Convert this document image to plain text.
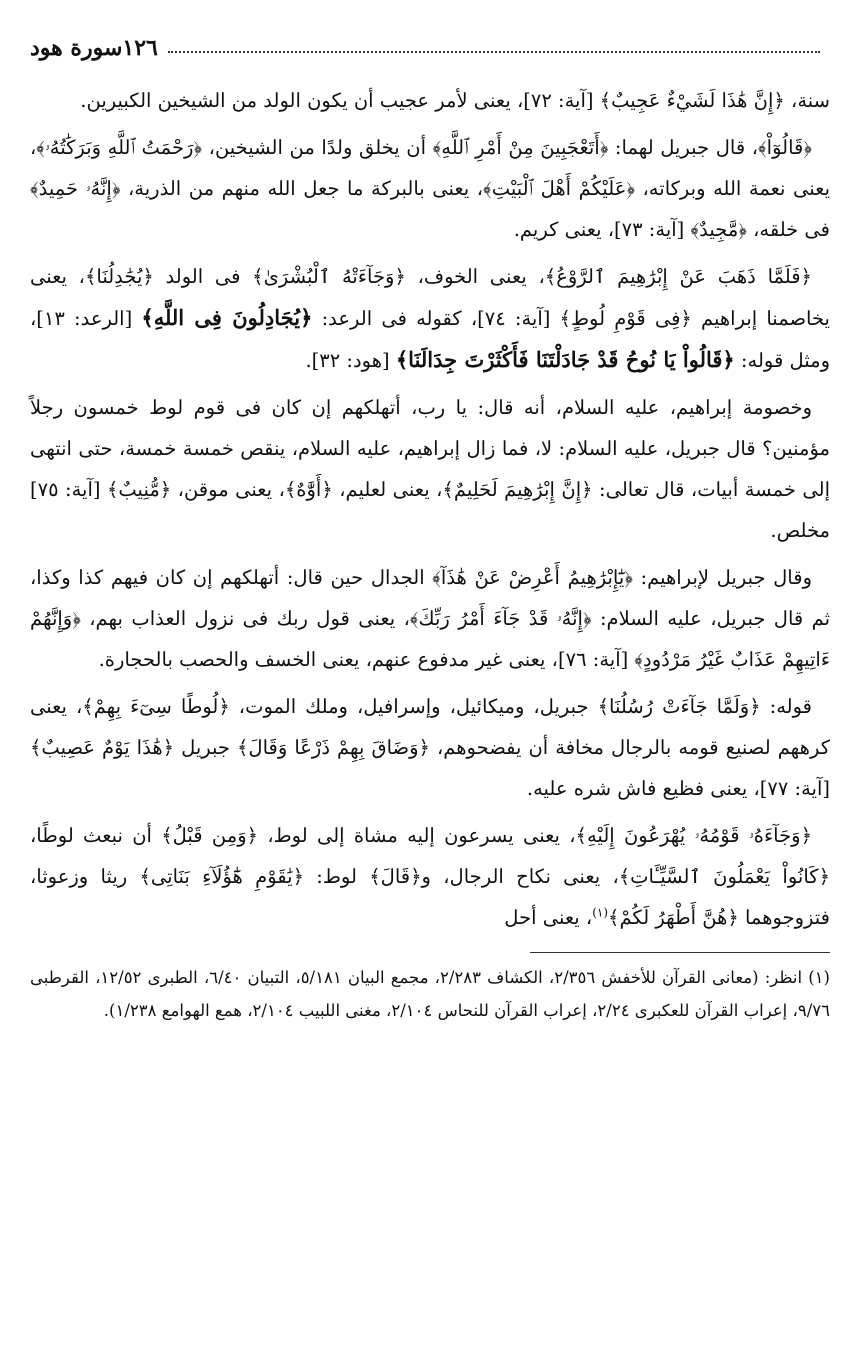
١٢٦
سورة هود

سنة، ﴿إِنَّ هَٰذَا لَشَيْءٌ عَجِيبٌ﴾ [آية: ٧٢]، يعنى لأمر عجيب أن يكون الولد من الشيخين الكبيرين.

﴿قَالُوٓاْ﴾، قال جبريل لهما: ﴿أَتَعْجَبِينَ مِنْ أَمْرِ ٱللَّهِ﴾ أن يخلق ولدًا من الشيخين، ﴿رَحْمَتُ ٱللَّهِ وَبَرَكَٰتُهُۥ﴾، يعنى نعمة الله وبركاته، ﴿عَلَيْكُمْ أَهْلَ ٱلْبَيْتِ﴾، يعنى بالبركة ما جعل الله منهم من الذرية، ﴿إِنَّهُۥ حَمِيدٌ﴾ فى خلقه، ﴿مَّجِيدٌ﴾ [آية: ٧٣]، يعنى كريم.

﴿فَلَمَّا ذَهَبَ عَنْ إِبْرَٰهِيمَ ٱلرَّوْعُ﴾، يعنى الخوف، ﴿وَجَآءَتْهُ ٱلْبُشْرَىٰ﴾ فى الولد ﴿يُجَٰدِلُنَا﴾، يعنى يخاصمنا إبراهيم ﴿فِى قَوْمِ لُوطٍ﴾ [آية: ٧٤]، كقوله فى الرعد: ﴿يُجَادِلُونَ فِى اللَّهِ﴾ [الرعد: ١٣]، ومثل قوله: ﴿قَالُواْ يَا نُوحُ قَدْ جَادَلْتَنَا فَأَكْثَرْتَ جِدَالَنَا﴾ [هود: ٣٢].

وخصومة إبراهيم، عليه السلام، أنه قال: يا رب، أتهلكهم إن كان فى قوم لوط خمسون رجلاً مؤمنين؟ قال جبريل، عليه السلام: لا، فما زال إبراهيم، عليه السلام، ينقص خمسة خمسة، حتى انتهى إلى خمسة أبيات، قال تعالى: ﴿إِنَّ إِبْرَٰهِيمَ لَحَلِيمٌ﴾، يعنى لعليم، ﴿أَوَّٰهٌ﴾، يعنى موقن، ﴿مُّنِيبٌ﴾ [آية: ٧٥] مخلص.

وقال جبريل لإبراهيم: ﴿يَٰٓإِبْرَٰهِيمُ أَعْرِضْ عَنْ هَٰذَآ﴾ الجدال حين قال: أتهلكهم إن كان فيهم كذا وكذا، ثم قال جبريل، عليه السلام: ﴿إِنَّهُۥ قَدْ جَآءَ أَمْرُ رَبِّكَ﴾، يعنى قول ربك فى نزول العذاب بهم، ﴿وَإِنَّهُمْ ءَاتِيهِمْ عَذَابٌ غَيْرُ مَرْدُودٍ﴾ [آية: ٧٦]، يعنى غير مدفوع عنهم، يعنى الخسف والحصب بالحجارة.

قوله: ﴿وَلَمَّا جَآءَتْ رُسُلُنَا﴾ جبريل، وميكائيل، وإسرافيل، وملك الموت، ﴿لُوطًا سِىٓءَ بِهِمْ﴾، يعنى كرههم لصنيع قومه بالرجال مخافة أن يفضحوهم، ﴿وَضَاقَ بِهِمْ ذَرْعًا وَقَالَ﴾ جبريل ﴿هَٰذَا يَوْمٌ عَصِيبٌ﴾ [آية: ٧٧]، يعنى فظيع فاش شره عليه.

﴿وَجَآءَهُۥ قَوْمُهُۥ يُهْرَعُونَ إِلَيْهِ﴾، يعنى يسرعون إليه مشاة إلى لوط، ﴿وَمِن قَبْلُ﴾ أن نبعث لوطًا، ﴿كَانُواْ يَعْمَلُونَ ٱلسَّيِّـَٔاتِ﴾، يعنى نكاح الرجال، و﴿قَالَ﴾ لوط: ﴿يَٰقَوْمِ هَٰٓؤُلَآءِ بَنَاتِى﴾ ريثا وزعوثا، فتزوجوهما ﴿هُنَّ أَطْهَرُ لَكُمْ﴾$^{(١)}$، يعنى أحل

(١) انظر: (معانى القرآن للأخفش ٢/٣٥٦، الكشاف ٢/٢٨٣، مجمع البيان ٥/١٨١، التبيان ٦/٤٠، الطبرى ١٢/٥٢، القرطبى ٩/٧٦، إعراب القرآن للعكبرى ٢/٢٤، إعراب القرآن للنحاس ٢/١٠٤، مغنى اللبيب ٢/١٠٤، همع الهوامع ١/٢٣٨).
